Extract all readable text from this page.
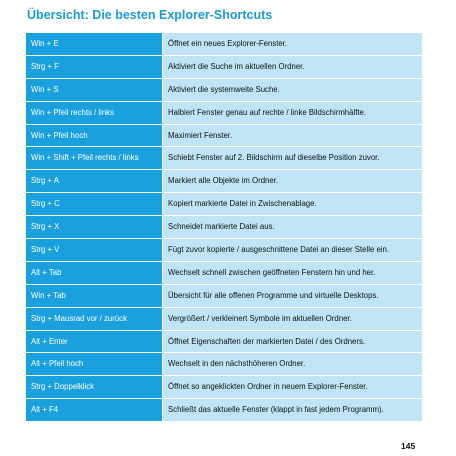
Übersicht: Die besten Explorer-Shortcuts
Win + E	Öffnet ein neues Explorer-Fenster.
Strg + F	Aktiviert die Suche im aktuellen Ordner.
Win + S	Aktiviert die systemweite Suche.
Win + Pfeil rechts / links	Halbiert Fenster genau auf rechte / linke Bildschirmhälfte.
Win + Pfeil hoch	Maximiert Fenster.
Win + Shift + Pfeil rechts / links	Schiebt Fenster auf 2. Bildschirm auf dieselbe Position zuvor.
Strg + A	Markiert alle Objekte im Ordner.
Strg + C	Kopiert markierte Datei in Zwischenablage.
Strg + X	Schneidet markierte Datei aus.
Strg + V	Fügt zuvor kopierte / ausgeschnittene Datei an dieser Stelle ein.
Alt + Tab	Wechselt schnell zwischen geöffneten Fenstern hin und her.
Win + Tab	Übersicht für alle offenen Programme und virtuelle Desktops.
Strg + Mausrad vor / zurück	Vergrößert / verkleinert Symbole im aktuellen Ordner.
Alt + Enter	Öffnet Eigenschaften der markierten Datei / des Ordners.
Alt + Pfeil hoch	Wechselt in den nächsthöheren Ordner.
Strg + Doppelklick	Öffnet so angeklickten Ordner in neuem Explorer-Fenster.
Alt + F4	Schließt das aktuelle Fenster (klappt in fast jedem Programm).
145
